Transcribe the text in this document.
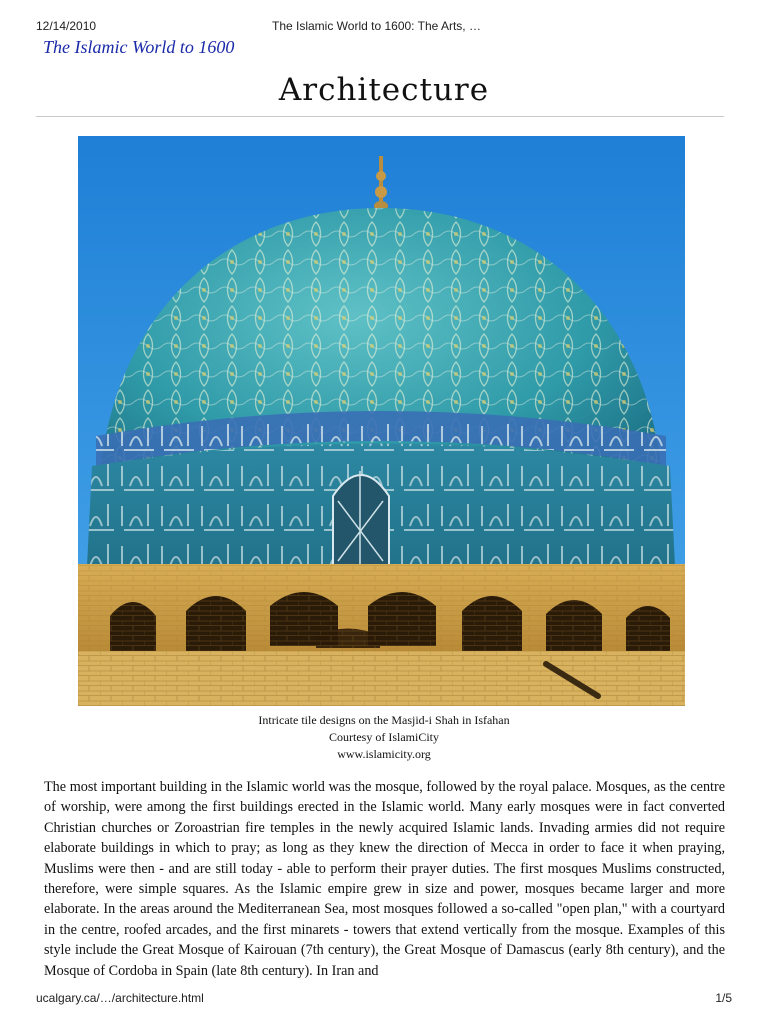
12/14/2010	The Islamic World to 1600: The Arts, …
The Islamic World to 1600
Architecture
Intricate tile designs on the Masjid-i Shah in Isfahan
Courtesy of IslamiCity
www.islamicity.org

The most important building in the Islamic world was the mosque, followed by the royal palace. Mosques, as the centre of worship, were among the first buildings erected in the Islamic world. Many early mosques were in fact converted Christian churches or Zoroastrian fire temples in the newly acquired Islamic lands. Invading armies did not require elaborate buildings in which to pray; as long as they knew the direction of Mecca in order to face it when praying, Muslims were then - and are still today - able to perform their prayer duties. The first mosques Muslims constructed, therefore, were simple squares. As the Islamic empire grew in size and power, mosques became larger and more elaborate. In the areas around the Mediterranean Sea, most mosques followed a so-called "open plan," with a courtyard in the centre, roofed arcades, and the first minarets - towers that extend vertically from the mosque. Examples of this style include the Great Mosque of Kairouan (7th century), the Great Mosque of Damascus (early 8th century), and the Mosque of Cordoba in Spain (late 8th century). In Iran and

ucalgary.ca/…/architecture.html	1/5
